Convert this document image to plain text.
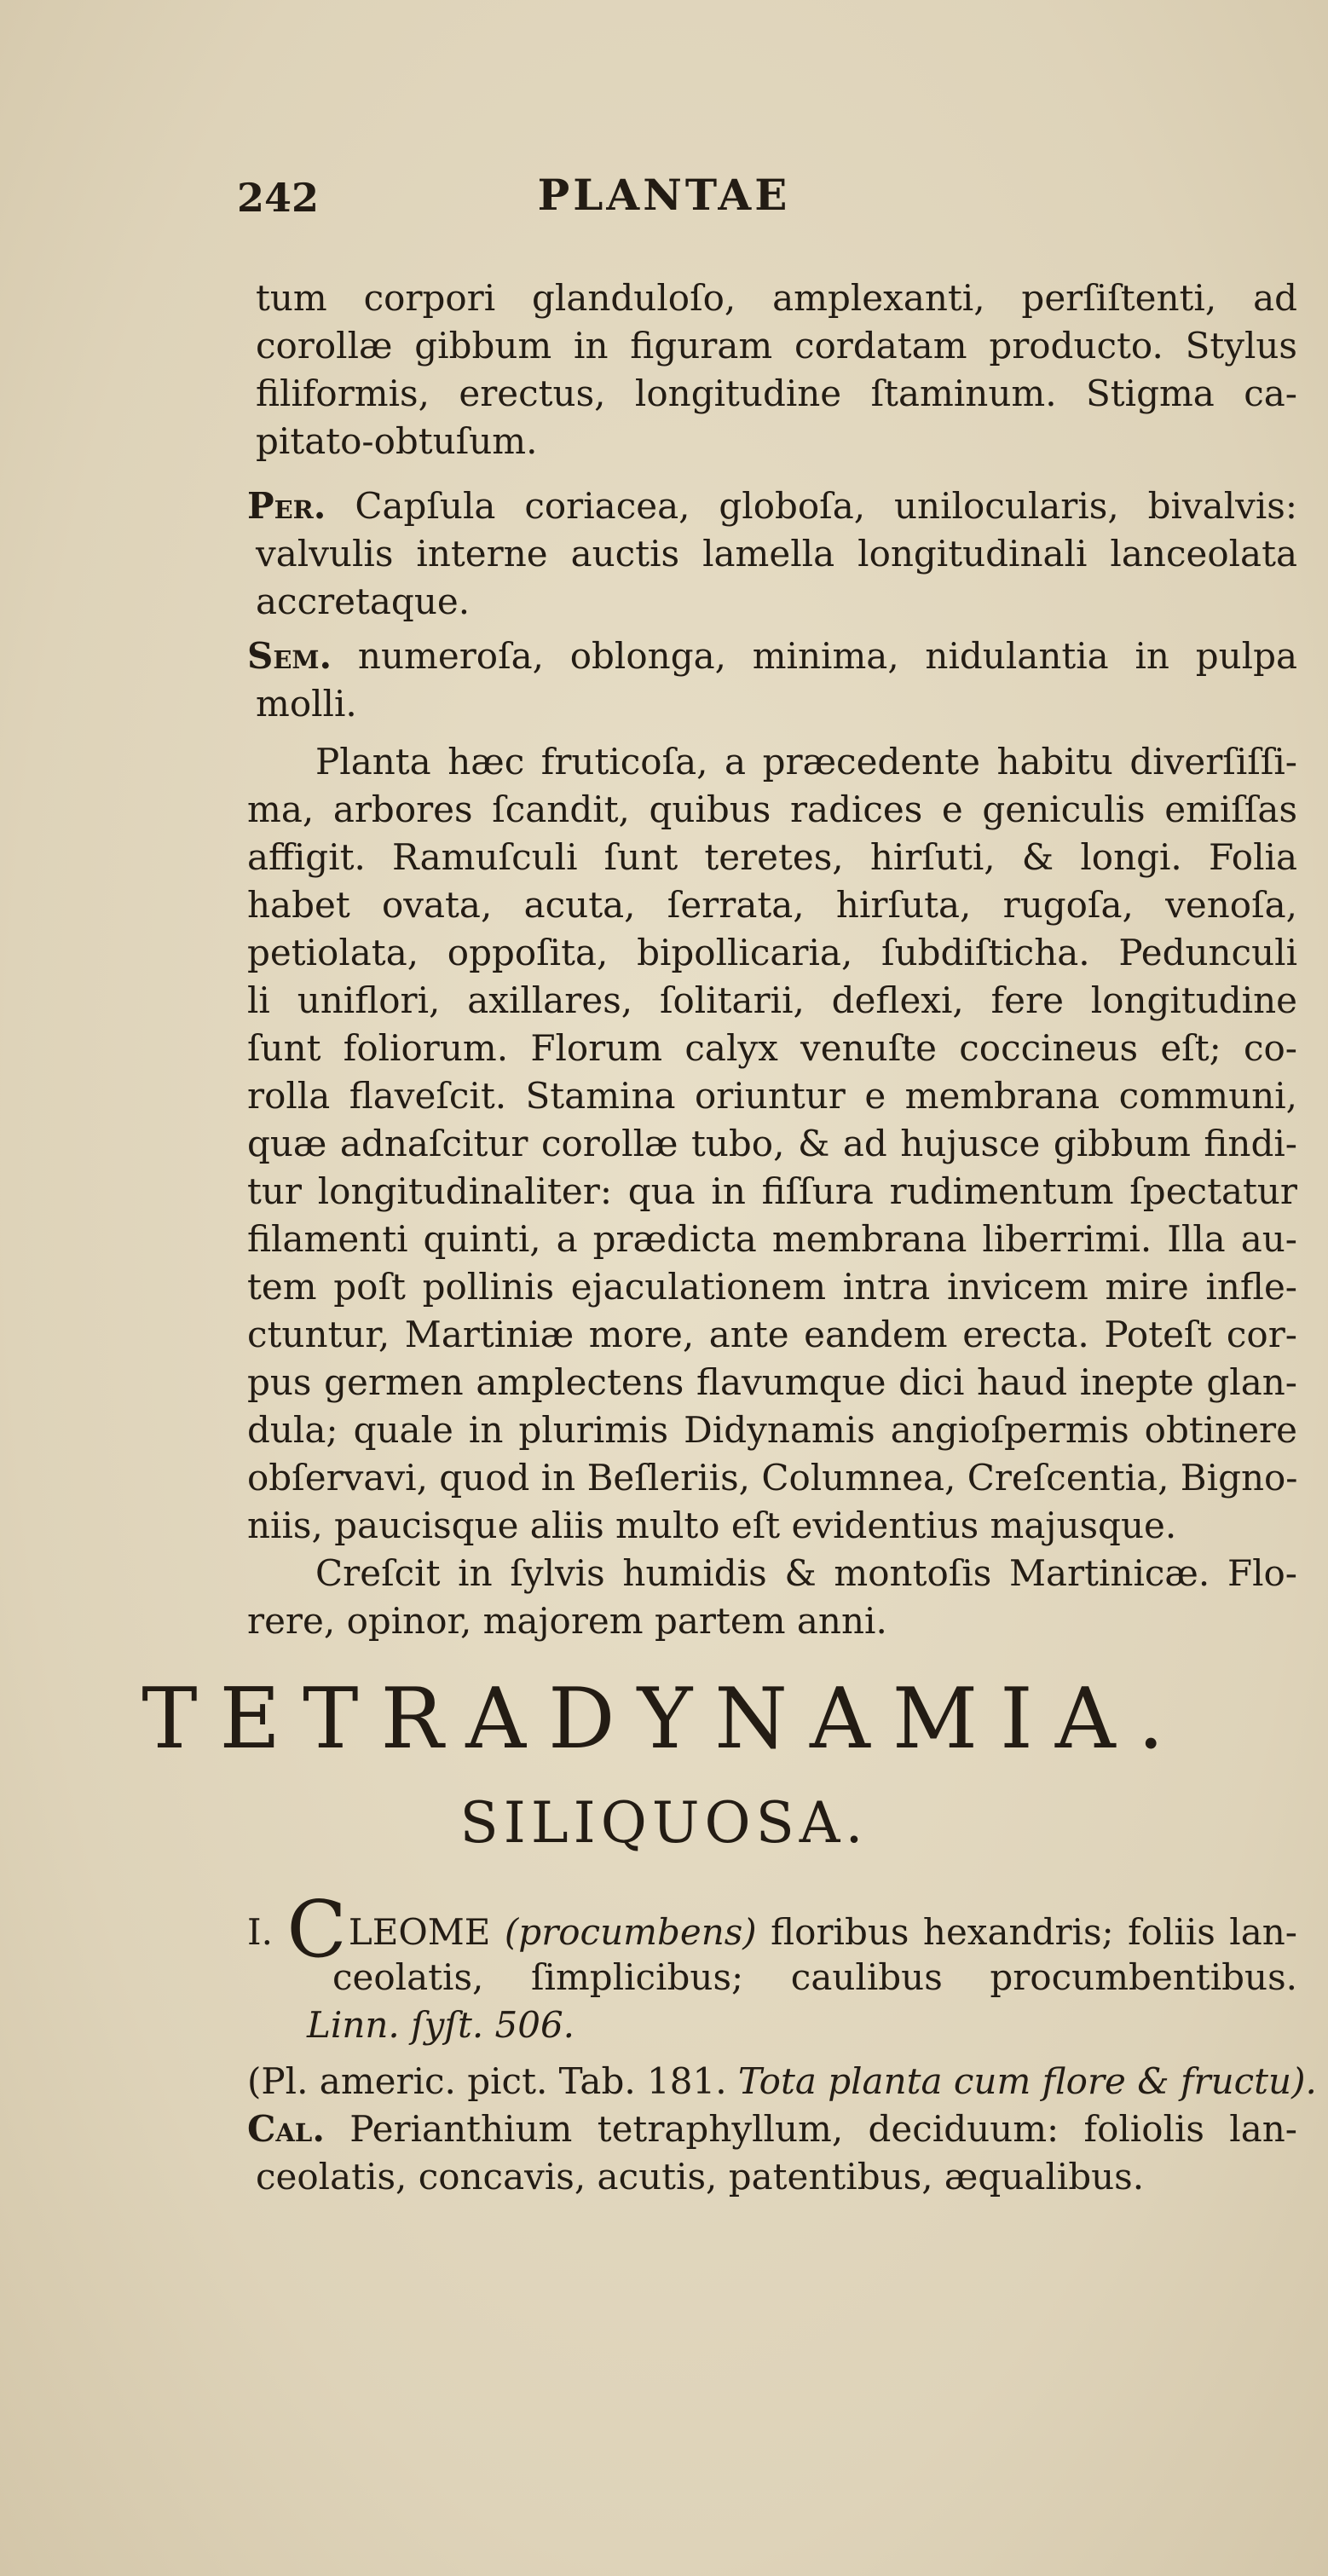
242	PLANTAE
tum corpori glanduloſo, amplexanti, perſiſtenti, ad
corollæ gibbum in figuram cordatam producto. Stylus
filiformis, erectus, longitudine ſtaminum. Stigma ca-
pitato-obtuſum.
Per. Capſula coriacea, globoſa, unilocularis, bivalvis:
valvulis interne auctis lamella longitudinali lanceolata
accretaque.
Sem. numeroſa, oblonga, minima, nidulantia in pulpa
molli.
Planta hæc fruticoſa, a præcedente habitu diverſiſſi-
ma, arbores ſcandit, quibus radices e geniculis emiſſas
affigit. Ramuſculi ſunt teretes, hirſuti, & longi. Folia
habet ovata, acuta, ſerrata, hirſuta, rugoſa, venoſa,
petiolata, oppoſita, bipollicaria, ſubdiſticha. Pedunculi
li uniflori, axillares, ſolitarii, deflexi, fere longitudine
ſunt foliorum. Florum calyx venuſte coccineus eſt; co-
rolla flaveſcit. Stamina oriuntur e membrana communi,
quæ adnaſcitur corollæ tubo, & ad hujusce gibbum findi-
tur longitudinaliter: qua in fiſſura rudimentum ſpectatur
filamenti quinti, a prædicta membrana liberrimi. Illa au-
tem poſt pollinis ejaculationem intra invicem mire infle-
ctuntur, Martiniæ more, ante eandem erecta. Poteſt cor-
pus germen amplectens flavumque dici haud inepte glan-
dula; quale in plurimis Didynamis angioſpermis obtinere
obſervavi, quod in Beſleriis, Columnea, Creſcentia, Bigno-
niis, paucisque aliis multo eſt evidentius majusque.
Creſcit in ſylvis humidis & montoſis Martinicæ. Flo-
rere, opinor, majorem partem anni.
TETRADYNAMIA.
SILIQUOSA.
I. CLEOME (procumbens) floribus hexandris; foliis lan-
ceolatis, ſimplicibus; caulibus procumbentibus.
Linn. ſyſt. 506.
(Pl. americ. pict. Tab. 181. Tota planta cum flore & fructu).
Cal. Perianthium tetraphyllum, deciduum: foliolis lan-
ceolatis, concavis, acutis, patentibus, æqualibus.
